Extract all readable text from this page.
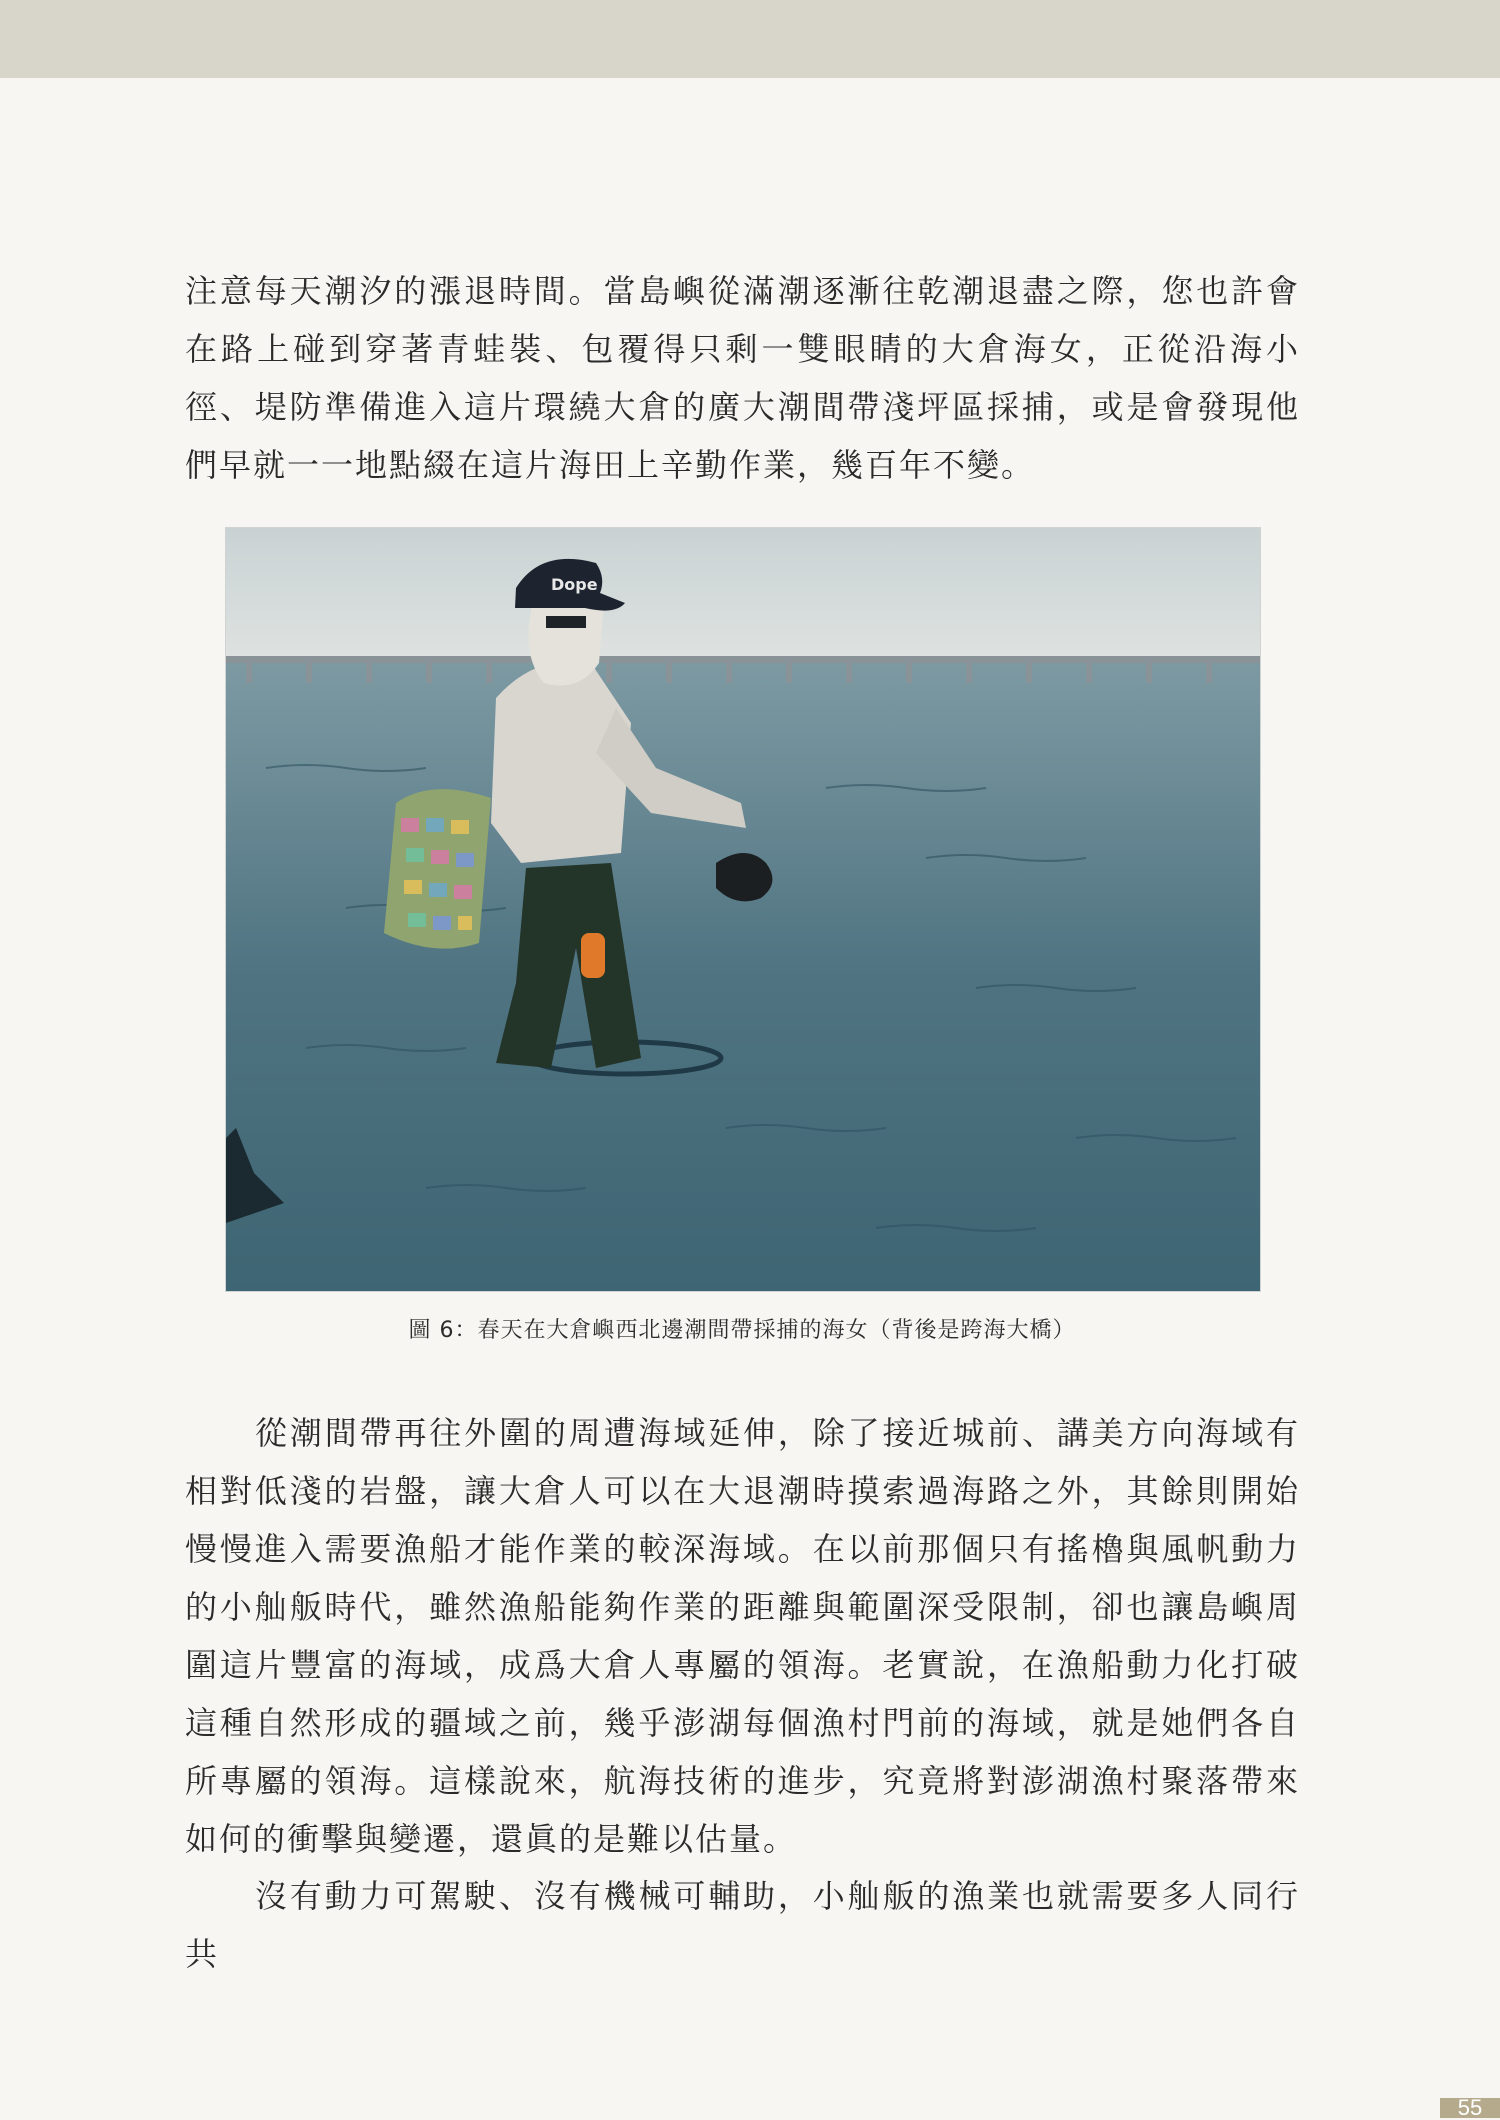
注意每天潮汐的漲退時間。當島嶼從滿潮逐漸往乾潮退盡之際，您也許會在路上碰到穿著青蛙裝、包覆得只剩一雙眼睛的大倉海女，正從沿海小徑、堤防準備進入這片環繞大倉的廣大潮間帶淺坪區採捕，或是會發現他們早就一一地點綴在這片海田上辛勤作業，幾百年不變。

Dope
圖 6：春天在大倉嶼西北邊潮間帶採捕的海女（背後是跨海大橋）

從潮間帶再往外圍的周遭海域延伸，除了接近城前、講美方向海域有相對低淺的岩盤，讓大倉人可以在大退潮時摸索過海路之外，其餘則開始慢慢進入需要漁船才能作業的較深海域。在以前那個只有搖櫓與風帆動力的小舢舨時代，雖然漁船能夠作業的距離與範圍深受限制，卻也讓島嶼周圍這片豐富的海域，成爲大倉人專屬的領海。老實說，在漁船動力化打破這種自然形成的疆域之前，幾乎澎湖每個漁村門前的海域，就是她們各自所專屬的領海。這樣說來，航海技術的進步，究竟將對澎湖漁村聚落帶來如何的衝擊與變遷，還眞的是難以估量。

沒有動力可駕駛、沒有機械可輔助，小舢舨的漁業也就需要多人同行共

55
